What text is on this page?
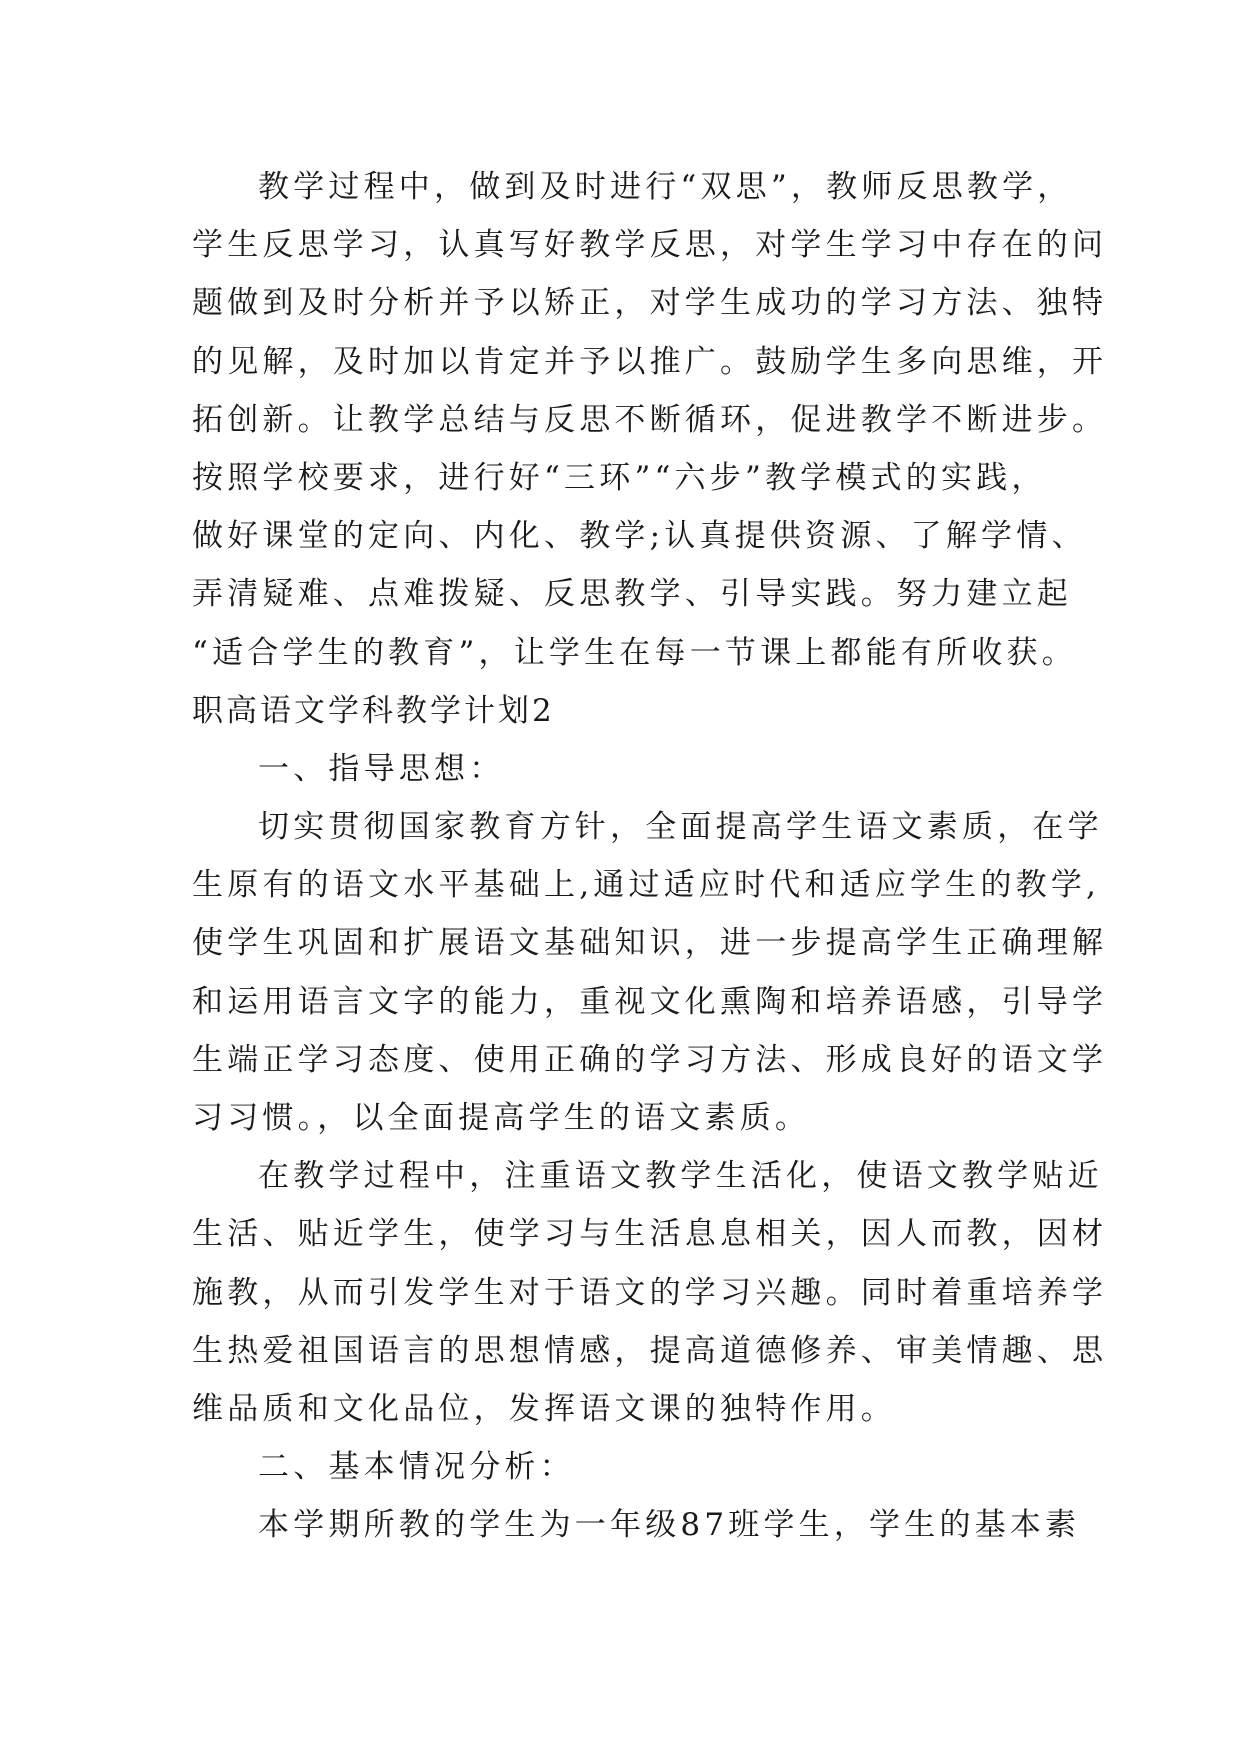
教学过程中，做到及时进行“双思”，教师反思教学，
学生反思学习，认真写好教学反思，对学生学习中存在的问
题做到及时分析并予以矫正，对学生成功的学习方法、独特
的见解，及时加以肯定并予以推广。鼓励学生多向思维，开
拓创新。让教学总结与反思不断循环，促进教学不断进步。
按照学校要求，进行好“三环”“六步”教学模式的实践，
做好课堂的定向、内化、教学;认真提供资源、了解学情、
弄清疑难、点难拨疑、反思教学、引导实践。努力建立起
“适合学生的教育”，让学生在每一节课上都能有所收获。
职高语文学科教学计划2
一、指导思想：
切实贯彻国家教育方针，全面提高学生语文素质，在学
生原有的语文水平基础上,通过适应时代和适应学生的教学,
使学生巩固和扩展语文基础知识，进一步提高学生正确理解
和运用语言文字的能力，重视文化熏陶和培养语感，引导学
生端正学习态度、使用正确的学习方法、形成良好的语文学
习习惯。，以全面提高学生的语文素质。
在教学过程中，注重语文教学生活化，使语文教学贴近
生活、贴近学生，使学习与生活息息相关，因人而教，因材
施教，从而引发学生对于语文的学习兴趣。同时着重培养学
生热爱祖国语言的思想情感，提高道德修养、审美情趣、思
维品质和文化品位，发挥语文课的独特作用。
二、基本情况分析：
本学期所教的学生为一年级87班学生，学生的基本素
